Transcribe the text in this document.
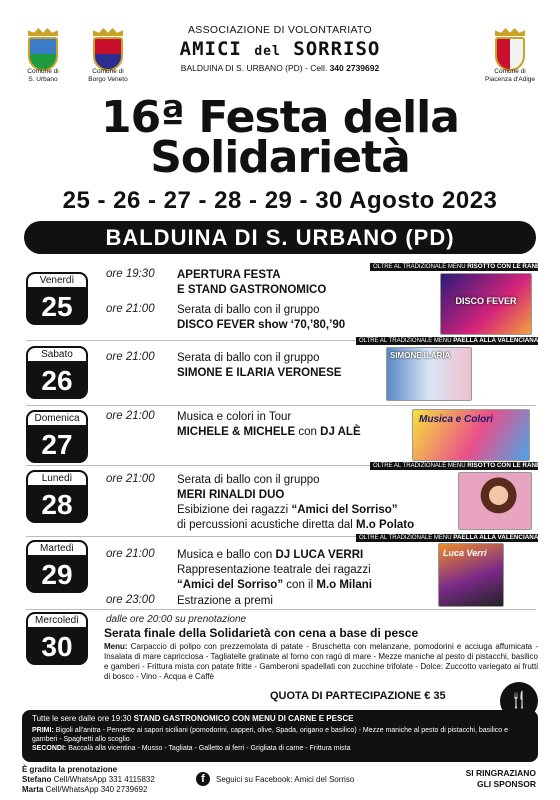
Comune di
S. Urbano
Comune di
Borgo Veneto
Comune di
Piacenza d'Adige
ASSOCIAZIONE DI VOLONTARIATO
AMICI del SORRISO
BALDUINA DI S. URBANO (PD) - Cell. 340 2739692
16ª Festa della
Solidarietà
25 - 26 - 27 - 28 - 29 - 30 Agosto 2023
BALDUINA DI S. URBANO (PD)
OLTRE AL TRADIZIONALE MENU RISOTTO CON LE RANE
Venerdì
25
ore 19:30 APERTURA FESTA
E STAND GASTRONOMICO
ore 21:00 Serata di ballo con il gruppo
DISCO FEVER show ‘70,’80,’90
DISCO FEVER
OLTRE AL TRADIZIONALE MENU PAELLA ALLA VALENCIANA
Sabato
26
ore 21:00 Serata di ballo con il gruppo
SIMONE E ILARIA VERONESE
SIMONE ILARIA
Domenica
27
ore 21:00 Musica e colori in Tour
MICHELE & MICHELE con DJ ALÈ
Musica e Colori
OLTRE AL TRADIZIONALE MENU RISOTTO CON LE RANE
Lunedì
28
ore 21:00 Serata di ballo con il gruppo
MERI RINALDI DUO
Esibizione dei ragazzi “Amici del Sorriso”
di percussioni acustiche diretta dal M.o Polato
OLTRE AL TRADIZIONALE MENU PAELLA ALLA VALENCIANA
Martedì
29
ore 21:00 Musica e ballo con DJ LUCA VERRI
Rappresentazione teatrale dei ragazzi
“Amici del Sorriso” con il M.o Milani
ore 23:00 Estrazione a premi
Luca Verri
Mercoledì
30
dalle ore 20:00 su prenotazione
Serata finale della Solidarietà con cena a base di pesce
Menu: Carpaccio di polipo con prezzemolata di patate - Bruschetta con melanzane, pomodorini e acciuga affumicata - Insalata di mare capricciosa - Tagliatelle gratinate al forno con ragù di mare - Mezze maniche al pesto di pistacchi, basilico e gamberi - Frittura mista con patate fritte - Gamberoni spadellati con zucchine trifolate - Dolce: Zuccotto variegato ai frutti di bosco - Vino - Acqua e Caffè
QUOTA DI PARTECIPAZIONE € 35	🍴
Tutte le sere dalle ore 19:30 STAND GASTRONOMICO CON MENU DI CARNE E PESCE
PRIMI: Bigoli all'anitra - Pennette ai sapori siciliani (pomodorini, capperi, olive, Spada, origano e basilico) - Mezze maniche al pesto di pistacchi, basilico e gamberi - Spaghetti allo scoglio
SECONDI: Baccalà alla vicentina - Musso - Tagliata - Galletto ai ferri - Grigliata di carne - Frittura mista
È gradita la prenotazione
Stefano Cell/WhatsApp 331 4115832
Marta Cell/WhatsApp 340 2739692
f	Seguici su Facebook: Amici del Sorriso
SI RINGRAZIANO
GLI SPONSOR
